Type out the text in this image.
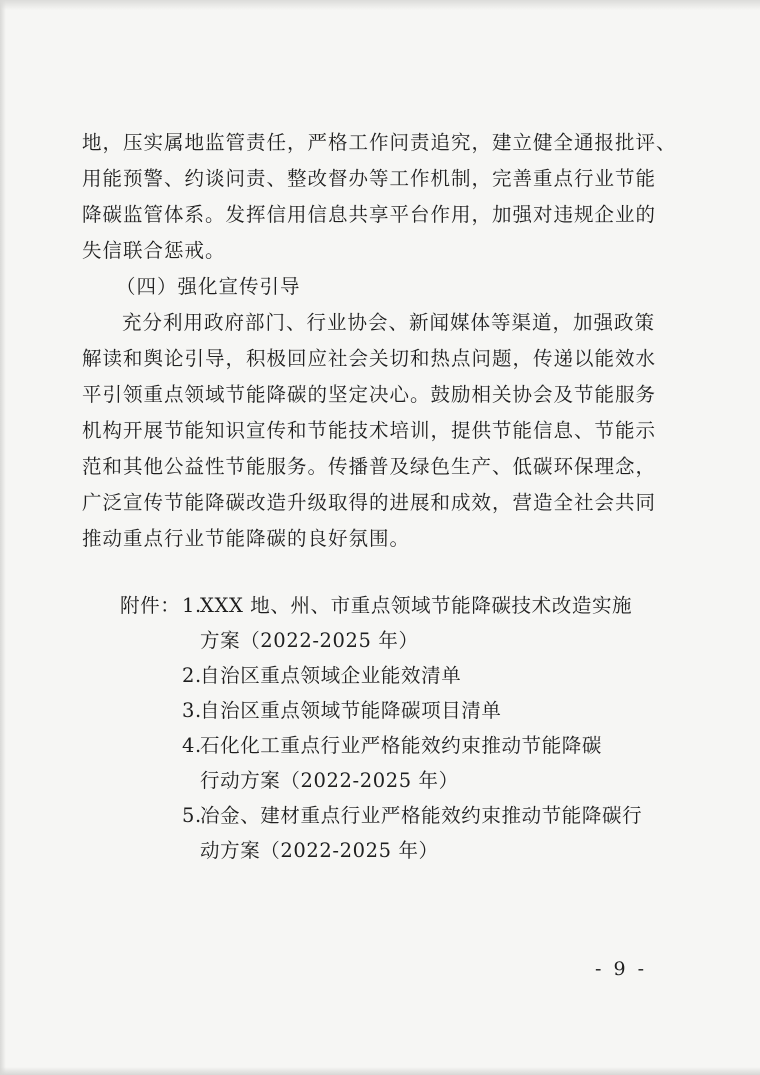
地，压实属地监管责任，严格工作问责追究，建立健全通报批评、
用能预警、约谈问责、整改督办等工作机制，完善重点行业节能
降碳监管体系。发挥信用信息共享平台作用，加强对违规企业的
失信联合惩戒。
（四）强化宣传引导
充分利用政府部门、行业协会、新闻媒体等渠道，加强政策
解读和舆论引导，积极回应社会关切和热点问题，传递以能效水
平引领重点领域节能降碳的坚定决心。鼓励相关协会及节能服务
机构开展节能知识宣传和节能技术培训，提供节能信息、节能示
范和其他公益性节能服务。传播普及绿色生产、低碳环保理念，
广泛宣传节能降碳改造升级取得的进展和成效，营造全社会共同
推动重点行业节能降碳的良好氛围。
附件： 1.
XXX 地、州、市重点领域节能降碳技术改造实施
方案（2022-2025 年）
2.
自治区重点领域企业能效清单
3.
自治区重点领域节能降碳项目清单
4.
石化化工重点行业严格能效约束推动节能降碳
行动方案（2022-2025 年）
5.
冶金、建材重点行业严格能效约束推动节能降碳行
动方案（2022-2025 年）
- 9 -
